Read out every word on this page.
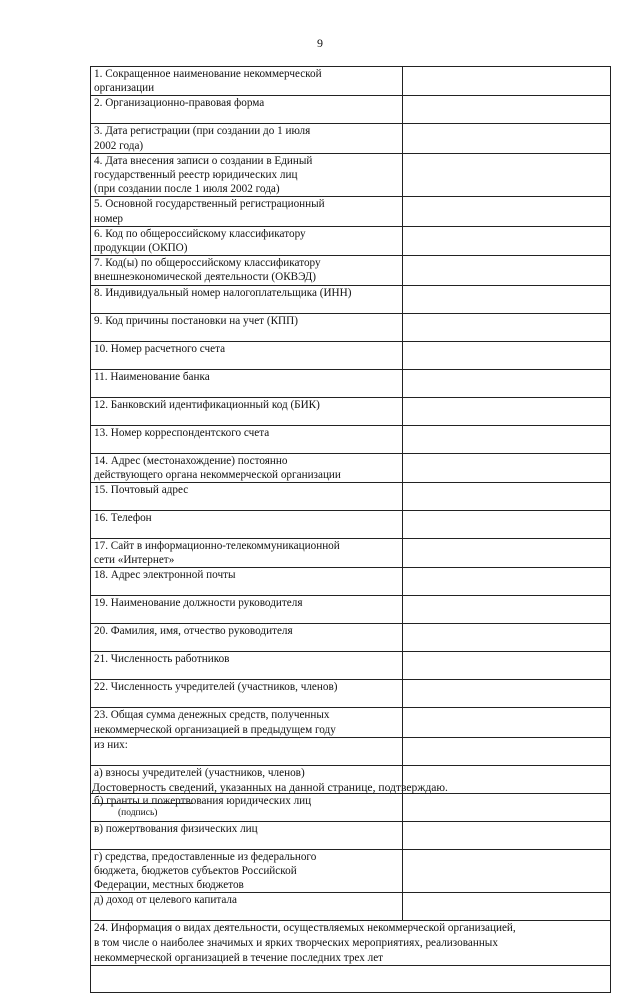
9
1. Сокращенное наименование некоммерческой
организации	
2. Организационно-правовая форма	
3. Дата регистрации (при создании до 1 июля
2002 года)	
4. Дата внесения записи о создании в Единый
государственный реестр юридических лиц
(при создании после 1 июля 2002 года)	
5. Основной государственный регистрационный
номер	
6. Код по общероссийскому классификатору
продукции (ОКПО)	
7. Код(ы) по общероссийскому классификатору
внешнеэкономической деятельности (ОКВЭД)	
8. Индивидуальный номер налогоплательщика (ИНН)	
9. Код причины постановки на учет (КПП)	
10. Номер расчетного счета	
11. Наименование банка	
12. Банковский идентификационный код (БИК)	
13. Номер корреспондентского счета	
14. Адрес (местонахождение) постоянно
действующего органа некоммерческой организации	
15. Почтовый адрес	
16. Телефон	
17. Сайт в информационно-телекоммуникационной
сети «Интернет»	
18. Адрес электронной почты	
19. Наименование должности руководителя	
20. Фамилия, имя, отчество руководителя	
21. Численность работников	
22. Численность учредителей (участников, членов)	
23. Общая сумма денежных средств, полученных
некоммерческой организацией в предыдущем году	
из них:	
а) взносы учредителей (участников, членов)	
б) гранты и пожертвования юридических лиц	
в) пожертвования физических лиц	
г) средства, предоставленные из федерального
бюджета, бюджетов субъектов Российской
Федерации, местных бюджетов	
д) доход от целевого капитала	
24. Информация о видах деятельности, осуществляемых некоммерческой организацией,
в том числе о наиболее значимых и ярких творческих мероприятиях, реализованных
некоммерческой организацией в течение последних трех лет	

Достоверность сведений, указанных на данной странице, подтверждаю.
(подпись)
